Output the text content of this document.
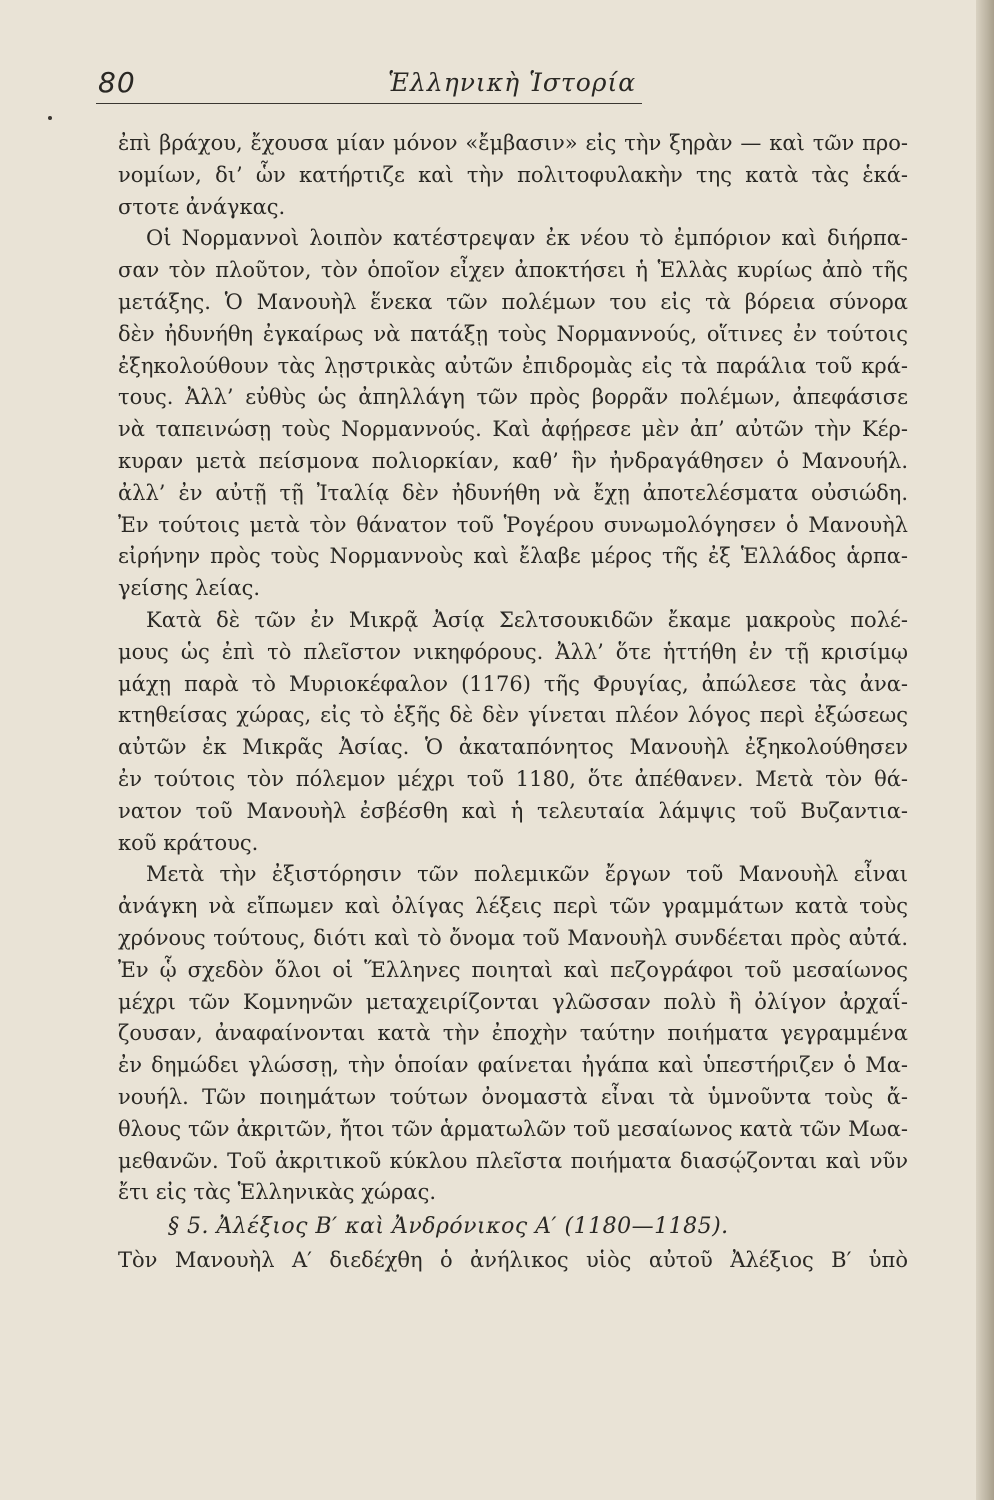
80	Ἑλληνικὴ Ἱστορία
ἐπὶ βράχου, ἔχουσα μίαν μόνον «ἔμβασιν» εἰς τὴν ξηρὰν — καὶ τῶν προ-
νομίων, δι’ ὧν κατήρτιζε καὶ τὴν πολιτοφυλακὴν της κατὰ τὰς ἑκά-
στοτε ἀνάγκας.
Οἱ Νορμαννοὶ λοιπὸν κατέστρεψαν ἐκ νέου τὸ ἐμπόριον καὶ διήρπα-
σαν τὸν πλοῦτον, τὸν ὁποῖον εἶχεν ἀποκτήσει ἡ Ἑλλὰς κυρίως ἀπὸ τῆς
μετάξης. Ὁ Μανουὴλ ἕνεκα τῶν πολέμων του εἰς τὰ βόρεια σύνορα
δὲν ἠδυνήθη ἐγκαίρως νὰ πατάξῃ τοὺς Νορμαννούς, οἵτινες ἐν τούτοις
ἐξηκολούθουν τὰς λῃστρικὰς αὐτῶν ἐπιδρομὰς εἰς τὰ παράλια τοῦ κρά-
τους. Ἀλλ’ εὐθὺς ὡς ἀπηλλάγη τῶν πρὸς βορρᾶν πολέμων, ἀπεφάσισε
νὰ ταπεινώσῃ τοὺς Νορμαννούς. Καὶ ἀφῄρεσε μὲν ἀπ’ αὐτῶν τὴν Κέρ-
κυραν μετὰ πείσμονα πολιορκίαν, καθ’ ἣν ἠνδραγάθησεν ὁ Μανουήλ.
ἀλλ’ ἐν αὐτῇ τῇ Ἰταλίᾳ δὲν ἠδυνήθη νὰ ἔχῃ ἀποτελέσματα οὐσιώδη.
Ἐν τούτοις μετὰ τὸν θάνατον τοῦ Ῥογέρου συνωμολόγησεν ὁ Μανουὴλ
εἰρήνην πρὸς τοὺς Νορμαννοὺς καὶ ἔλαβε μέρος τῆς ἐξ Ἑλλάδος ἁρπα-
γείσης λείας.
Κατὰ δὲ τῶν ἐν Μικρᾷ Ἀσίᾳ Σελτσουκιδῶν ἔκαμε μακροὺς πολέ-
μους ὡς ἐπὶ τὸ πλεῖστον νικηφόρους. Ἀλλ’ ὅτε ἡττήθη ἐν τῇ κρισίμῳ
μάχῃ παρὰ τὸ Μυριοκέφαλον (1176) τῆς Φρυγίας, ἀπώλεσε τὰς ἀνα-
κτηθείσας χώρας, εἰς τὸ ἑξῆς δὲ δὲν γίνεται πλέον λόγος περὶ ἐξώσεως
αὐτῶν ἐκ Μικρᾶς Ἀσίας. Ὁ ἀκαταπόνητος Μανουὴλ ἐξηκολούθησεν
ἐν τούτοις τὸν πόλεμον μέχρι τοῦ 1180, ὅτε ἀπέθανεν. Μετὰ τὸν θά-
νατον τοῦ Μανουὴλ ἐσβέσθη καὶ ἡ τελευταία λάμψις τοῦ Βυζαντια-
κοῦ κράτους.
Μετὰ τὴν ἐξιστόρησιν τῶν πολεμικῶν ἔργων τοῦ Μανουὴλ εἶναι
ἀνάγκη νὰ εἴπωμεν καὶ ὀλίγας λέξεις περὶ τῶν γραμμάτων κατὰ τοὺς
χρόνους τούτους, διότι καὶ τὸ ὄνομα τοῦ Μανουὴλ συνδέεται πρὸς αὐτά.
Ἐν ᾧ σχεδὸν ὅλοι οἱ Ἕλληνες ποιηταὶ καὶ πεζογράφοι τοῦ μεσαίωνος
μέχρι τῶν Κομνηνῶν μεταχειρίζονται γλῶσσαν πολὺ ἢ ὀλίγον ἀρχαΐ-
ζουσαν, ἀναφαίνονται κατὰ τὴν ἐποχὴν ταύτην ποιήματα γεγραμμένα
ἐν δημώδει γλώσσῃ, τὴν ὁποίαν φαίνεται ἠγάπα καὶ ὑπεστήριζεν ὁ Μα-
νουήλ. Τῶν ποιημάτων τούτων ὀνομαστὰ εἶναι τὰ ὑμνοῦντα τοὺς ἄ-
θλους τῶν ἀκριτῶν, ἤτοι τῶν ἁρματωλῶν τοῦ μεσαίωνος κατὰ τῶν Μωα-
μεθανῶν. Τοῦ ἀκριτικοῦ κύκλου πλεῖστα ποιήματα διασῴζονται καὶ νῦν
ἔτι εἰς τὰς Ἑλληνικὰς χώρας.
§ 5. Ἀλέξιος Β′ καὶ Ἀνδρόνικος Α′ (1180—1185).
Τὸν Μανουὴλ Α′ διεδέχθη ὁ ἀνήλικος υἱὸς αὐτοῦ Ἀλέξιος Β′ ὑπὸ
